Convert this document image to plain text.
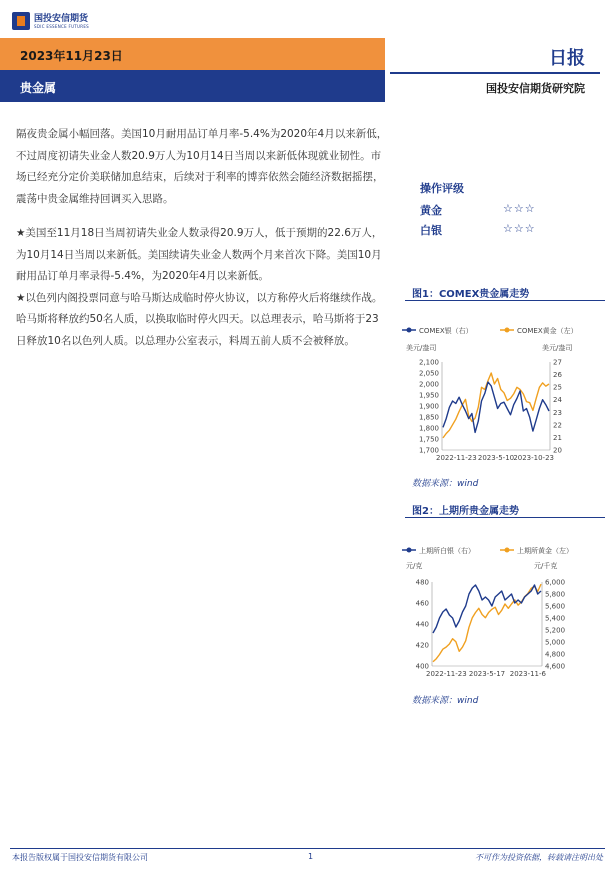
国投安信期货
SDIC ESSENCE FUTURES
2023年11月23日
贵金属
日报
国投安信期货研究院

隔夜贵金属小幅回落。美国10月耐用品订单月率-5.4%为2020年4月以来新低，不过周度初请失业金人数20.9万人为10月14日当周以来新低体现就业韧性。市场已经充分定价美联储加息结束，后续对于利率的博弈依然会随经济数据摇摆，震荡中贵金属维持回调买入思路。

★美国至11月18日当周初请失业金人数录得20.9万人，低于预期的22.6万人，为10月14日当周以来新低。美国续请失业金人数两个月来首次下降。美国10月耐用品订单月率录得-5.4%，为2020年4月以来新低。

★以色列内阁投票同意与哈马斯达成临时停火协议，以方称停火后将继续作战。哈马斯将释放约50名人质，以换取临时停火四天。以总理表示，哈马斯将于23日释放10名以色列人质。以总理办公室表示，料周五前人质不会被释放。

操作评级
黄金	☆☆☆
白银	☆☆☆
图1：COMEX贵金属走势
COMEX银（右）	COMEX黄金（左）
美元/盎司	美元/盎司
1,700
1,750
1,800
1,850
1,900
1,950
2,000
2,050
2,100
20
21
22
23
24
25
26
27
2022-11-23 2023-5-10 2023-10-23
数据来源：wind
图2：上期所贵金属走势
上期所白银（右）	上期所黄金（左）
元/克	元/千克
400
420
440
460
480
4,600
4,800
5,000
5,200
5,400
5,600
5,800
6,000
2022-11-23 2023-5-17 2023-11-6
数据来源：wind
本报告版权属于国投安信期货有限公司	1	不可作为投资依据，转载请注明出处
